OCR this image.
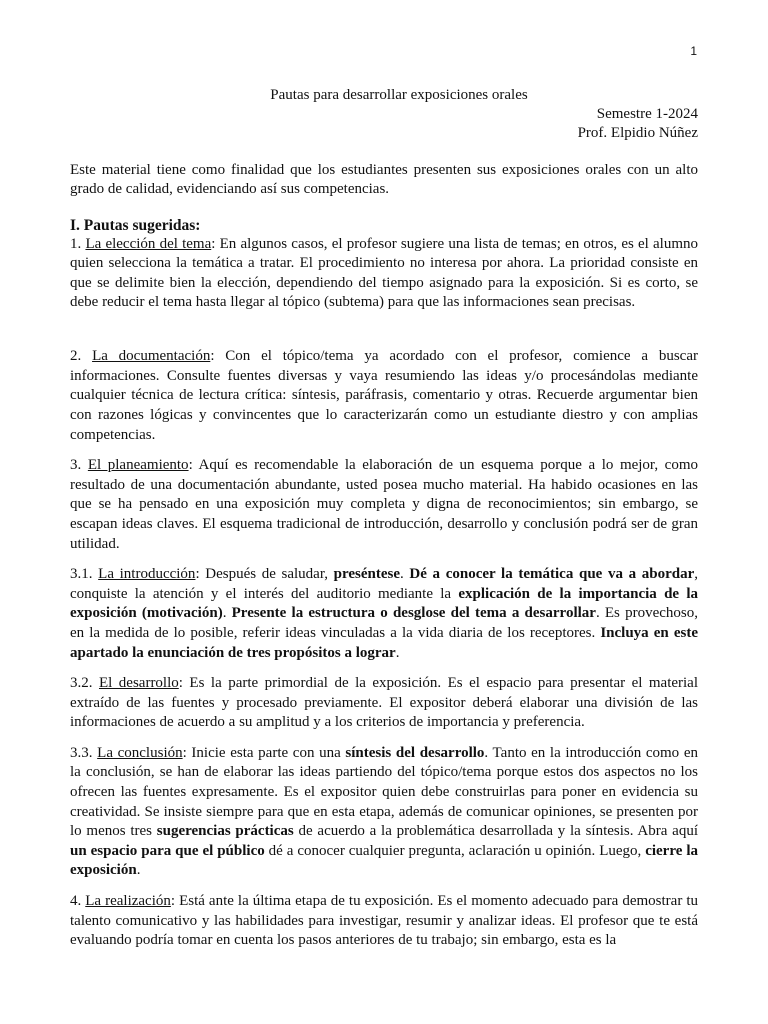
1
Pautas para desarrollar exposiciones orales
Semestre 1-2024
Prof. Elpidio Núñez

Este material tiene como finalidad que los estudiantes presenten sus exposiciones orales con un alto grado de calidad, evidenciando así sus competencias.

I. Pautas sugeridas:

1. La elección del tema: En algunos casos, el profesor sugiere una lista de temas; en otros, es el alumno quien selecciona la temática a tratar. El procedimiento no interesa por ahora. La prioridad consiste en que se delimite bien la elección, dependiendo del tiempo asignado para la exposición. Si es corto, se debe reducir el tema hasta llegar al tópico (subtema) para que las informaciones sean precisas.

2. La documentación: Con el tópico/tema ya acordado con el profesor, comience a buscar informaciones. Consulte fuentes diversas y vaya resumiendo las ideas y/o procesándolas mediante cualquier técnica de lectura crítica: síntesis, paráfrasis, comentario y otras. Recuerde argumentar bien con razones lógicas y convincentes que lo caracterizarán como un estudiante diestro y con amplias competencias.

3. El planeamiento: Aquí es recomendable la elaboración de un esquema porque a lo mejor, como resultado de una documentación abundante, usted posea mucho material. Ha habido ocasiones en las que se ha pensado en una exposición muy completa y digna de reconocimientos; sin embargo, se escapan ideas claves. El esquema tradicional de introducción, desarrollo y conclusión podrá ser de gran utilidad.

3.1. La introducción: Después de saludar, preséntese. Dé a conocer la temática que va a abordar, conquiste la atención y el interés del auditorio mediante la explicación de la importancia de la exposición (motivación). Presente la estructura o desglose del tema a desarrollar. Es provechoso, en la medida de lo posible, referir ideas vinculadas a la vida diaria de los receptores. Incluya en este apartado la enunciación de tres propósitos a lograr.

3.2. El desarrollo: Es la parte primordial de la exposición. Es el espacio para presentar el material extraído de las fuentes y procesado previamente. El expositor deberá elaborar una división de las informaciones de acuerdo a su amplitud y a los criterios de importancia y preferencia.

3.3. La conclusión: Inicie esta parte con una síntesis del desarrollo. Tanto en la introducción como en la conclusión, se han de elaborar las ideas partiendo del tópico/tema porque estos dos aspectos no los ofrecen las fuentes expresamente. Es el expositor quien debe construirlas para poner en evidencia su creatividad. Se insiste siempre para que en esta etapa, además de comunicar opiniones, se presenten por lo menos tres sugerencias prácticas de acuerdo a la problemática desarrollada y la síntesis. Abra aquí un espacio para que el público dé a conocer cualquier pregunta, aclaración u opinión. Luego, cierre la exposición.

4. La realización: Está ante la última etapa de tu exposición. Es el momento adecuado para demostrar tu talento comunicativo y las habilidades para investigar, resumir y analizar ideas. El profesor que te está evaluando podría tomar en cuenta los pasos anteriores de tu trabajo; sin embargo, esta es la
